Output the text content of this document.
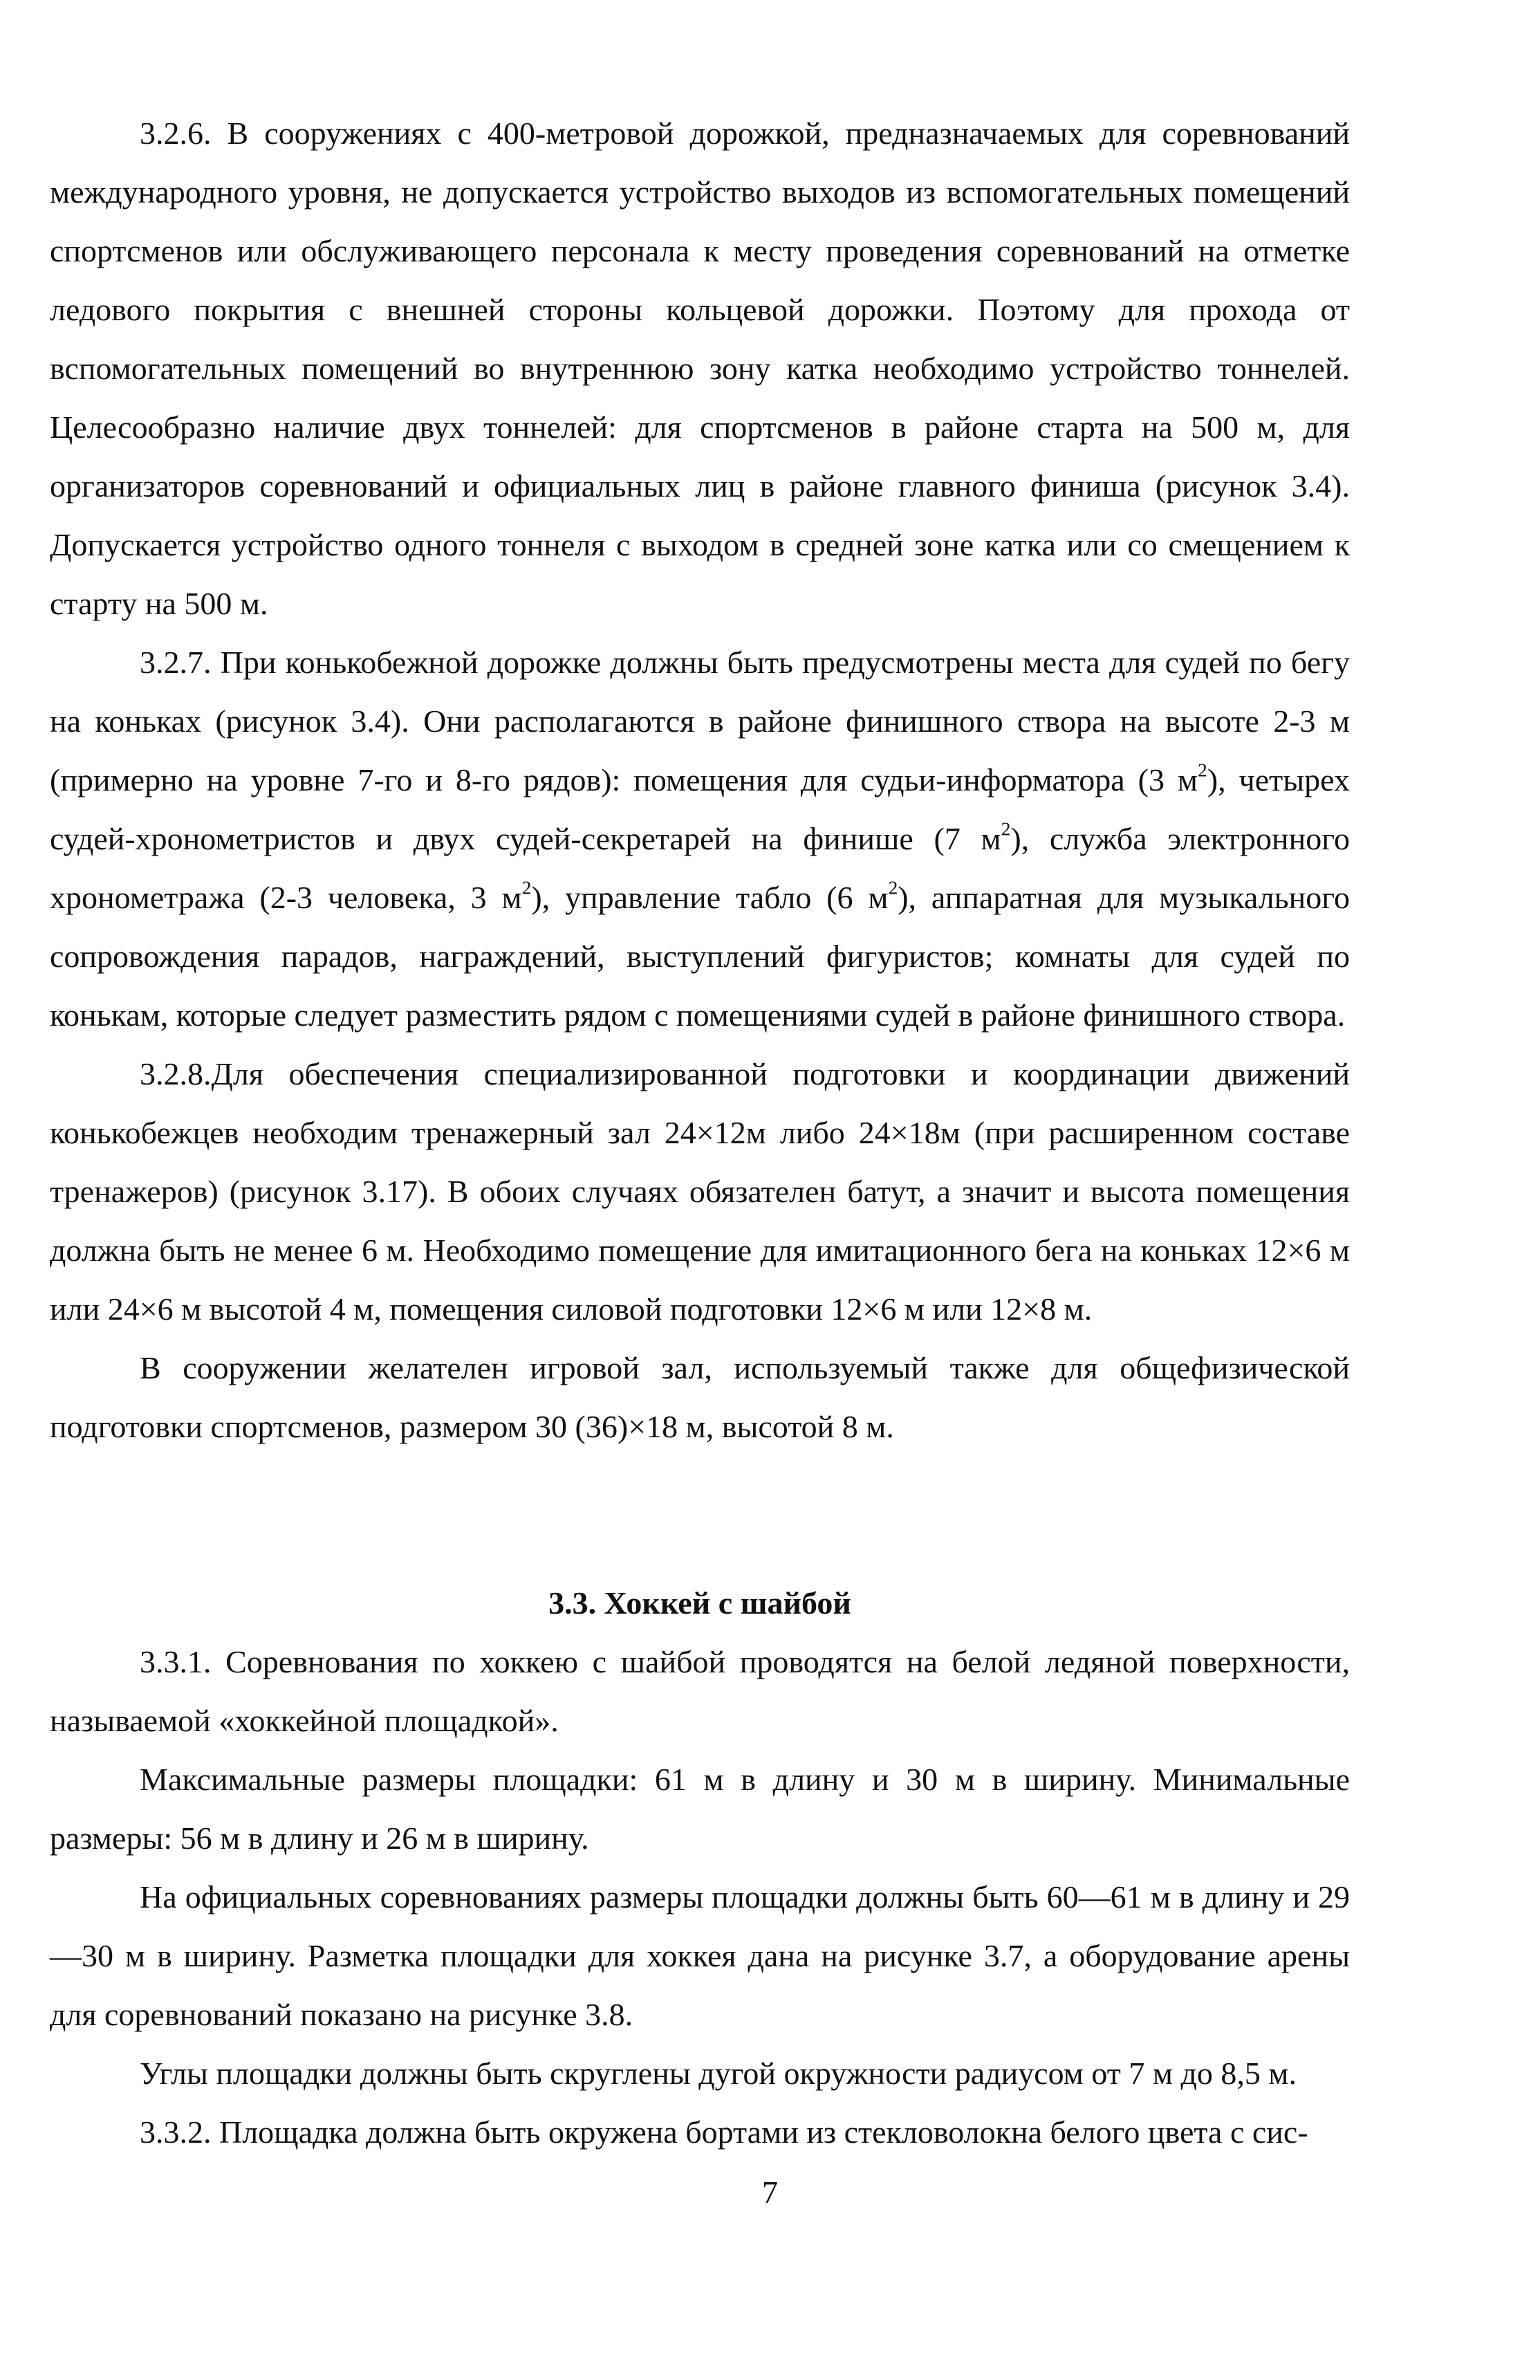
3.2.6. В сооружениях с 400-метровой дорожкой, предназначаемых для соревнований международного уровня, не допускается устройство выходов из вспомогательных помещений спортсменов или обслуживающего персонала к месту проведения соревнований на отметке ледового покрытия с внешней стороны кольцевой дорожки. Поэтому для прохода от вспомогательных помещений во внутреннюю зону катка необходимо устройство тоннелей. Целесообразно наличие двух тоннелей: для спортсменов в районе старта на 500 м, для организаторов соревнований и официальных лиц в районе главного финиша (рисунок 3.4). Допускается устройство одного тоннеля с выходом в средней зоне катка или со смещением к старту на 500 м.

3.2.7. При конькобежной дорожке должны быть предусмотрены места для судей по бегу на коньках (рисунок 3.4). Они располагаются в районе финишного створа на высоте 2-3 м (примерно на уровне 7-го и 8-го рядов): помещения для судьи-информатора (3 $м^2$), четырех судей-хронометристов и двух судей-секретарей на финише (7 $м^2$), служба электронного хронометража (2-3 человека, 3 $м^2$), управление табло (6 $м^2$), аппаратная для музыкального сопровождения парадов, награждений, выступлений фигуристов; комнаты для судей по конькам, которые следует разместить рядом с помещениями судей в районе финишного створа.

3.2.8.Для обеспечения специализированной подготовки и координации движений конькобежцев необходим тренажерный зал 24×12м либо 24×18м (при расширенном составе тренажеров) (рисунок 3.17). В обоих случаях обязателен батут, а значит и высота помещения должна быть не менее 6 м. Необходимо помещение для имитационного бега на коньках 12×6 м или 24×6 м высотой 4 м, помещения силовой подготовки 12×6 м или 12×8 м.

В сооружении желателен игровой зал, используемый также для общефизической подготовки спортсменов, размером 30 (36)×18 м, высотой 8 м.

3.3. Хоккей с шайбой

3.3.1. Соревнования по хоккею с шайбой проводятся на белой ледяной поверхности, называемой «хоккейной площадкой».

Максимальные размеры площадки: 61 м в длину и 30 м в ширину. Минимальные размеры: 56 м в длину и 26 м в ширину.

На официальных соревнованиях размеры площадки должны быть 60—61 м в длину и 29—30 м в ширину. Разметка площадки для хоккея дана на рисунке 3.7, а оборудование арены для соревнований показано на рисунке 3.8.

Углы площадки должны быть скруглены дугой окружности радиусом от 7 м до 8,5 м.

3.3.2. Площадка должна быть окружена бортами из стекловолокна белого цвета с сис-

7
